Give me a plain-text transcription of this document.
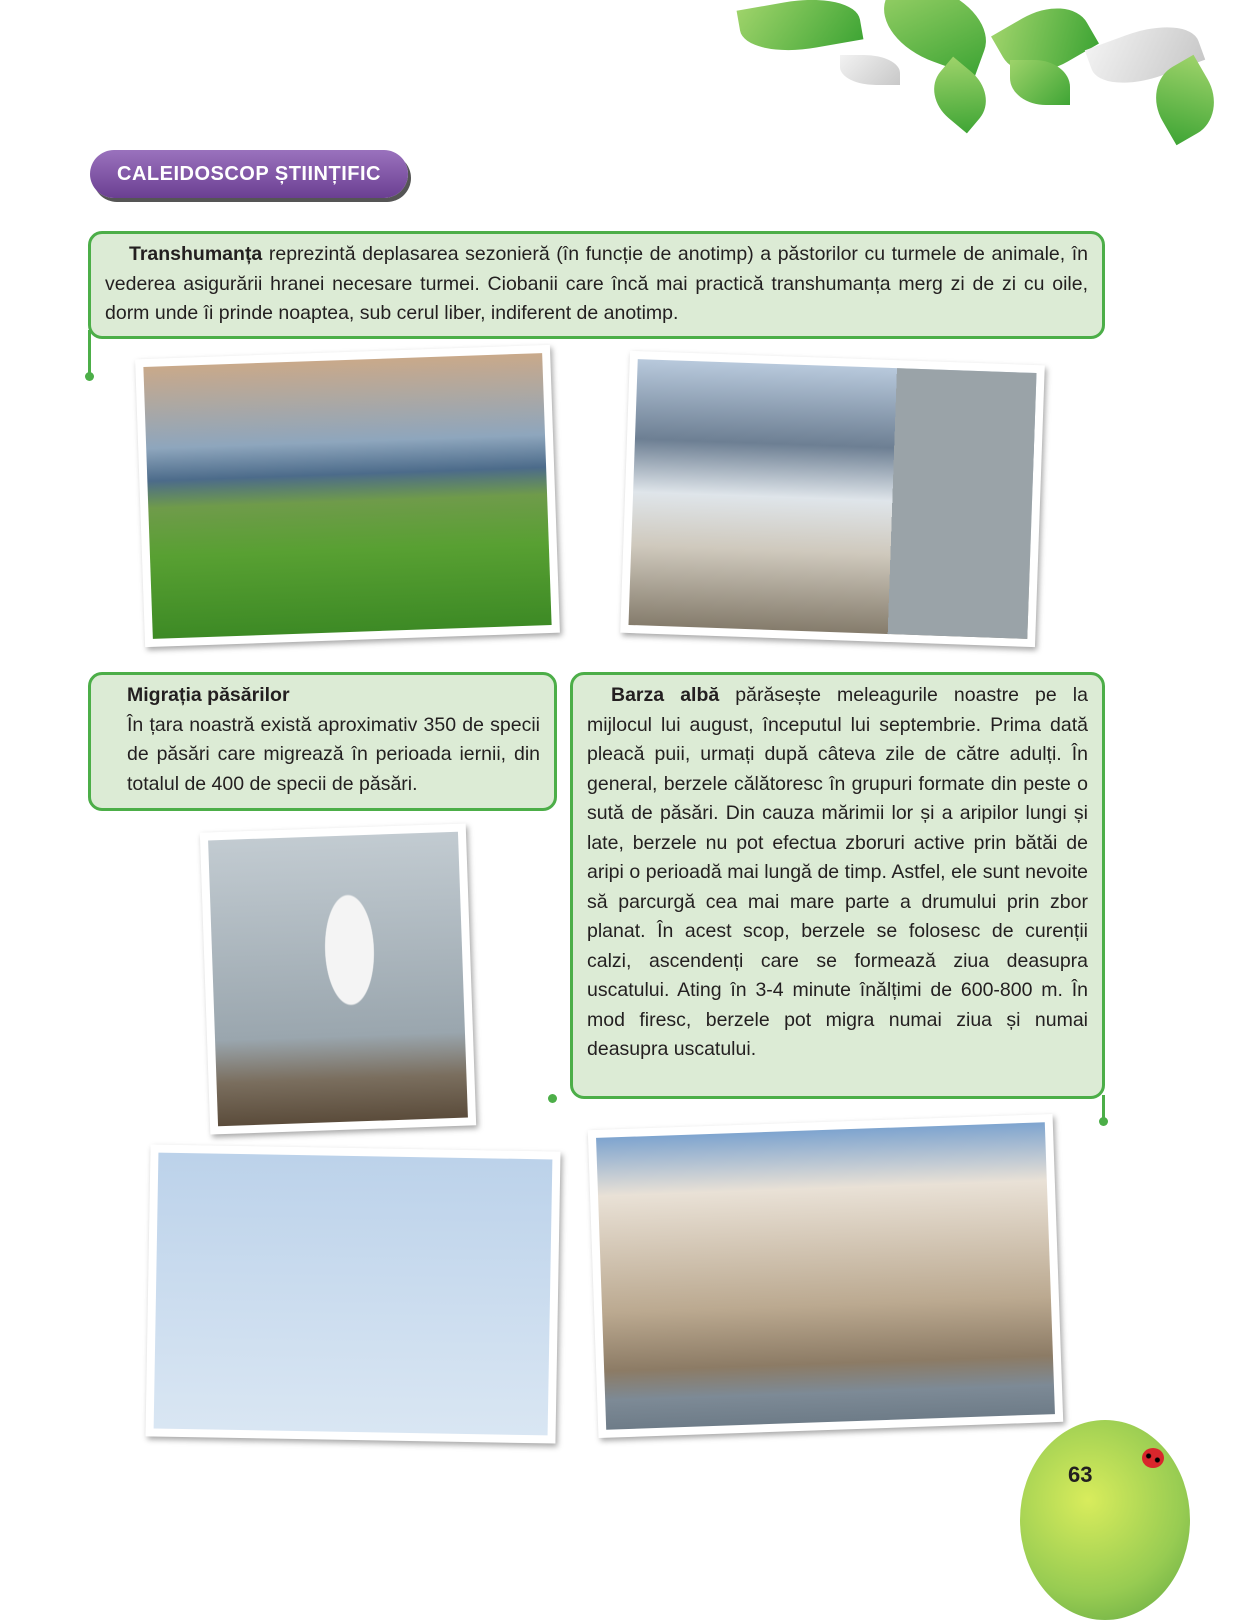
CALEIDOSCOP ȘTIINȚIFIC

Transhumanța reprezintă deplasarea sezonieră (în funcție de anotimp) a păstorilor cu turmele de animale, în vederea asigurării hranei necesare turmei. Ciobanii care încă mai practică transhumanța merg zi de zi cu oile, dorm unde îi prinde noaptea, sub cerul liber, indiferent de anotimp.

Migrația păsărilor

În țara noastră există aproximativ 350 de specii de păsări care migrează în perioada iernii, din totalul de 400 de specii de păsări.

Barza albă părăsește meleagurile noastre pe la mijlocul lui august, începutul lui septembrie. Prima dată pleacă puii, urmați după câteva zile de către adulți. În general, berzele călătoresc în grupuri formate din peste o sută de păsări. Din cauza mărimii lor și a aripilor lungi și late, berzele nu pot efectua zboruri active prin bătăi de aripi o perioadă mai lungă de timp. Astfel, ele sunt nevoite să parcurgă cea mai mare parte a drumului prin zbor planat. În acest scop, berzele se folosesc de curenții calzi, ascendenți care se formează ziua deasupra uscatului. Ating în 3-4 minute înălțimi de 600-800 m. În mod firesc, berzele pot migra numai ziua și numai deasupra uscatului.

63
